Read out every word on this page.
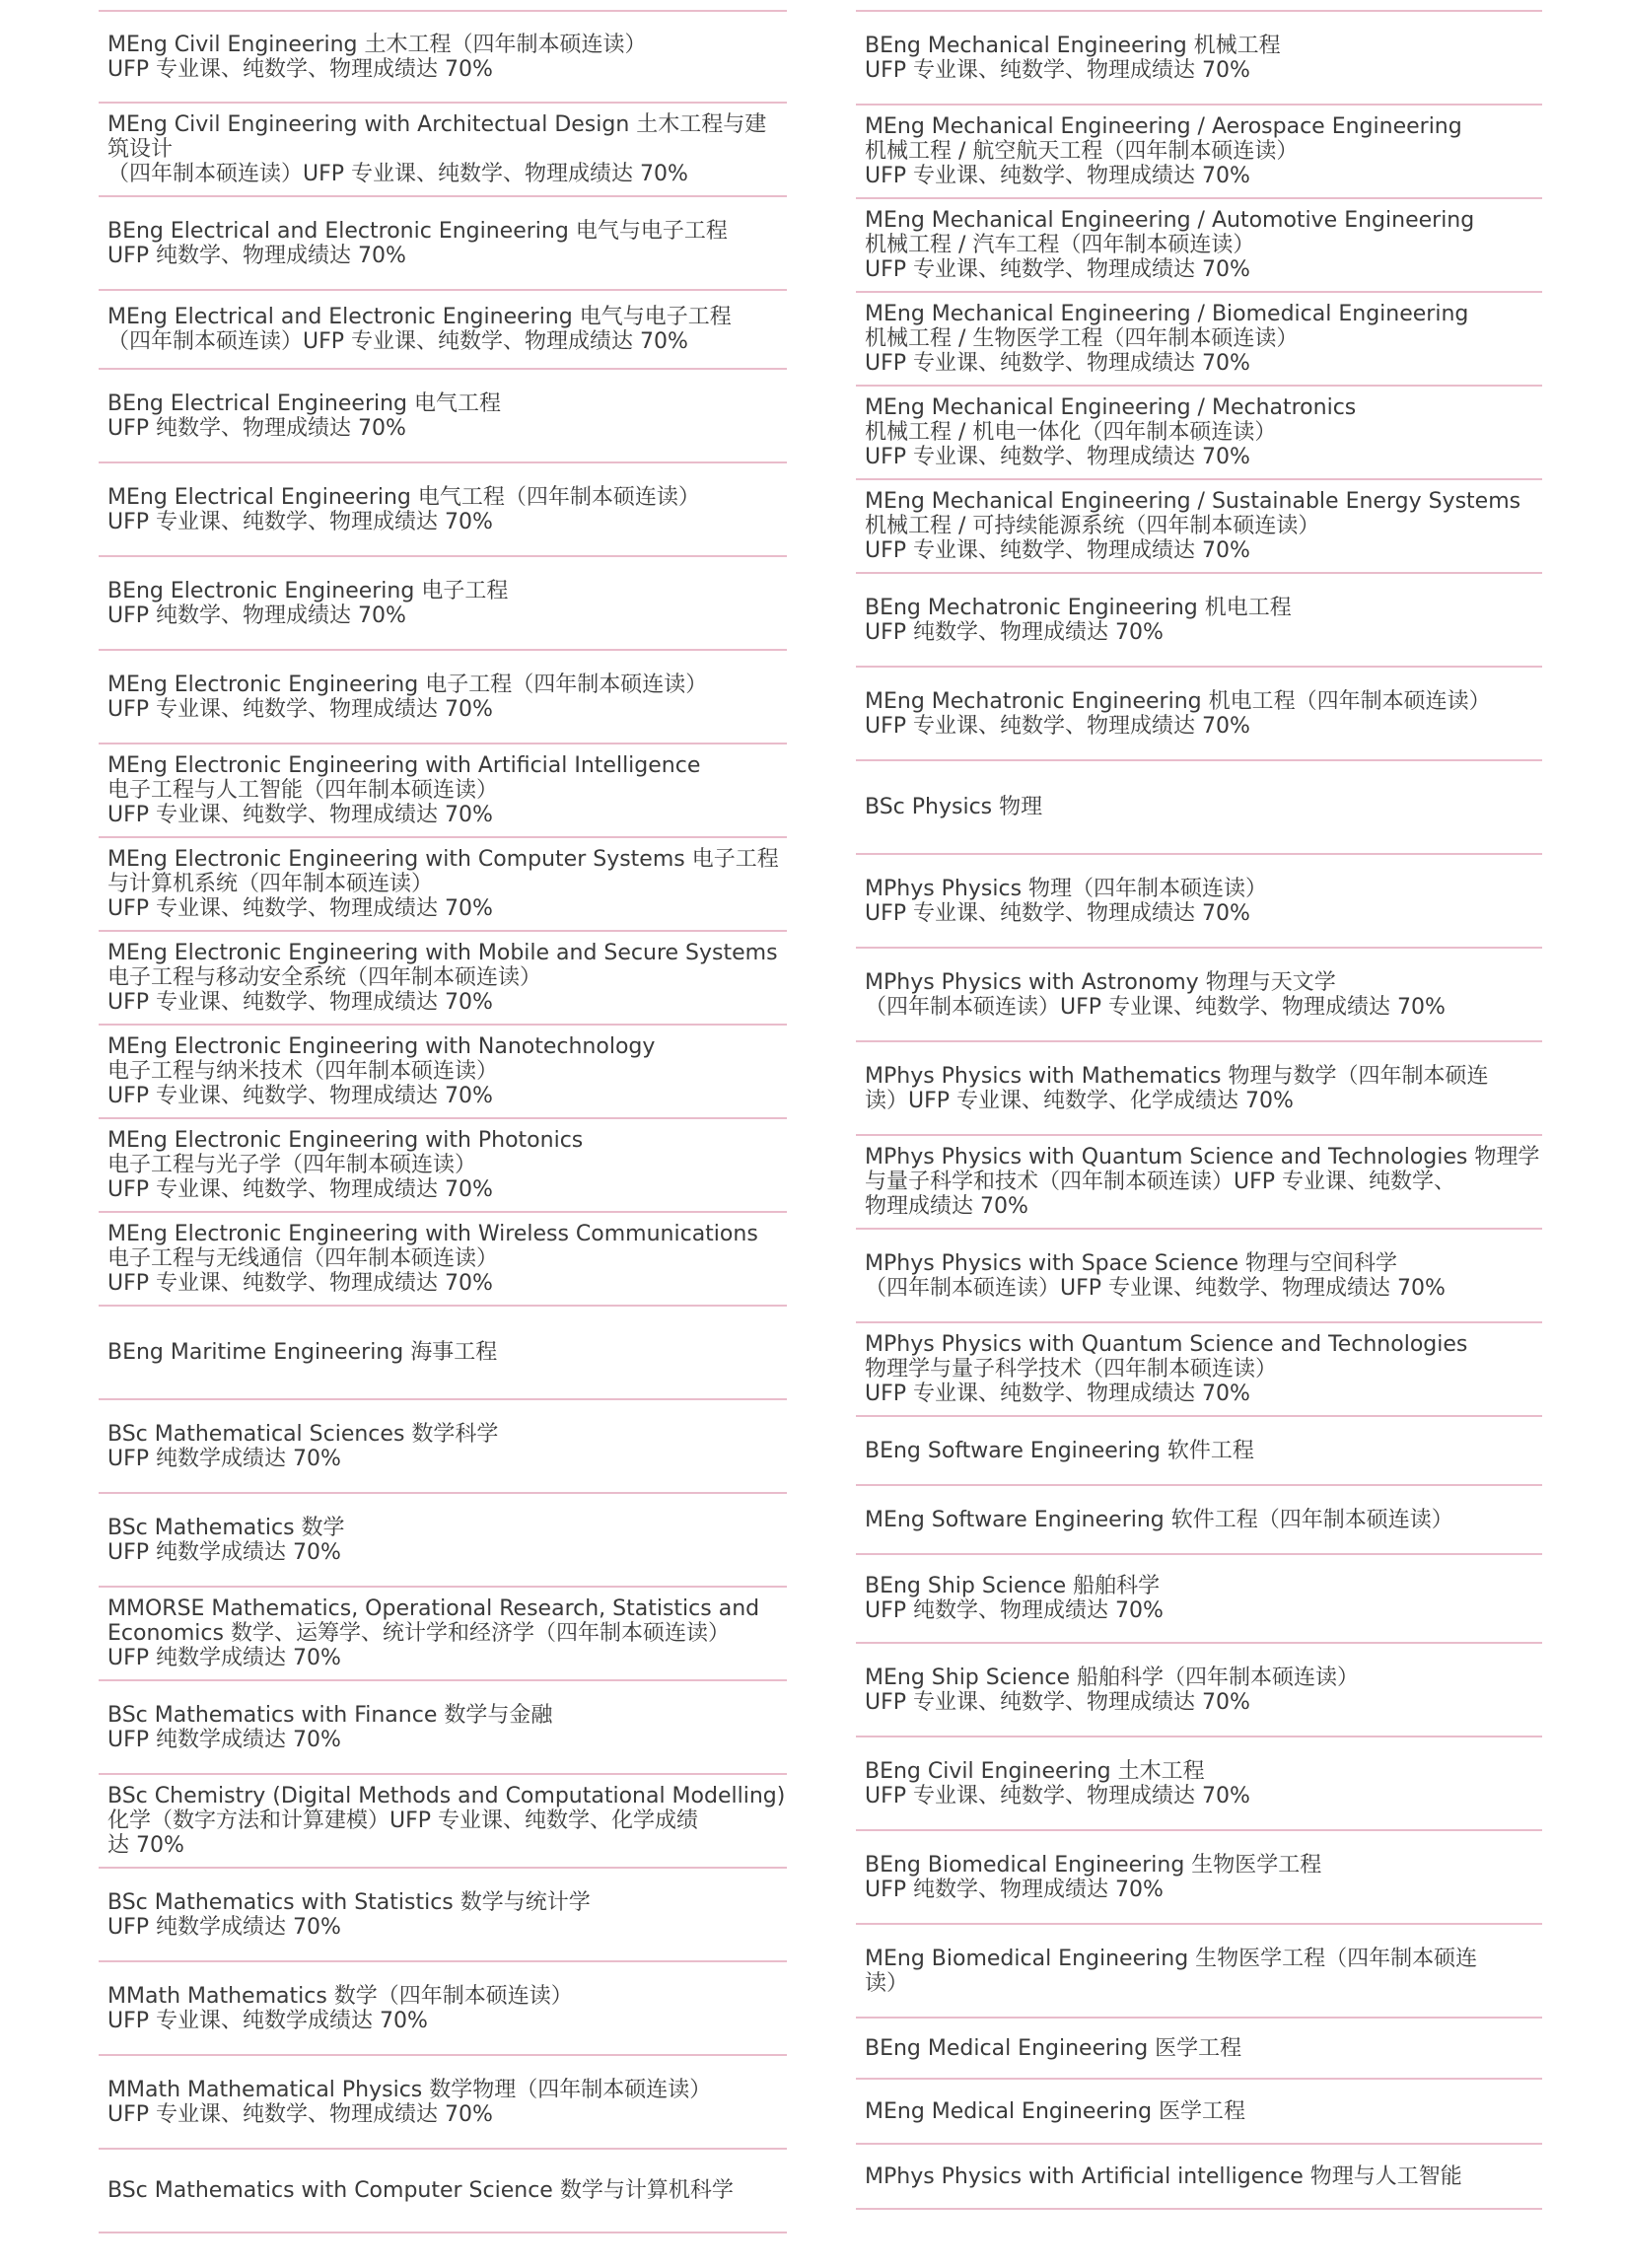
MEng Civil Engineering 土木工程（四年制本硕连读）
UFP 专业课、纯数学、物理成绩达 70%
MEng Civil Engineering with Architectual Design 土木工程与建
筑设计
（四年制本硕连读）UFP 专业课、纯数学、物理成绩达 70%
BEng Electrical and Electronic Engineering 电气与电子工程
UFP 纯数学、物理成绩达 70%
MEng Electrical and Electronic Engineering 电气与电子工程
（四年制本硕连读）UFP 专业课、纯数学、物理成绩达 70%
BEng Electrical Engineering 电气工程
UFP 纯数学、物理成绩达 70%
MEng Electrical Engineering 电气工程（四年制本硕连读）
UFP 专业课、纯数学、物理成绩达 70%
BEng Electronic Engineering 电子工程
UFP 纯数学、物理成绩达 70%
MEng Electronic Engineering 电子工程（四年制本硕连读）
UFP 专业课、纯数学、物理成绩达 70%
MEng Electronic Engineering with Artificial Intelligence
电子工程与人工智能（四年制本硕连读）
UFP 专业课、纯数学、物理成绩达 70%
MEng Electronic Engineering with Computer Systems 电子工程
与计算机系统（四年制本硕连读）
UFP 专业课、纯数学、物理成绩达 70%
MEng Electronic Engineering with Mobile and Secure Systems
电子工程与移动安全系统（四年制本硕连读）
UFP 专业课、纯数学、物理成绩达 70%
MEng Electronic Engineering with Nanotechnology
电子工程与纳米技术（四年制本硕连读）
UFP 专业课、纯数学、物理成绩达 70%
MEng Electronic Engineering with Photonics
电子工程与光子学（四年制本硕连读）
UFP 专业课、纯数学、物理成绩达 70%
MEng Electronic Engineering with Wireless Communications
电子工程与无线通信（四年制本硕连读）
UFP 专业课、纯数学、物理成绩达 70%
BEng Maritime Engineering 海事工程
BSc Mathematical Sciences 数学科学
UFP 纯数学成绩达 70%
BSc Mathematics 数学
UFP 纯数学成绩达 70%
MMORSE Mathematics, Operational Research, Statistics and
Economics 数学、运筹学、统计学和经济学（四年制本硕连读）
UFP 纯数学成绩达 70%
BSc Mathematics with Finance 数学与金融
UFP 纯数学成绩达 70%
BSc Chemistry (Digital Methods and Computational Modelling)
化学（数字方法和计算建模）UFP 专业课、纯数学、化学成绩
达 70%
BSc Mathematics with Statistics 数学与统计学
UFP 纯数学成绩达 70%
MMath Mathematics 数学（四年制本硕连读）
UFP 专业课、纯数学成绩达 70%
MMath Mathematical Physics 数学物理（四年制本硕连读）
UFP 专业课、纯数学、物理成绩达 70%
BSc Mathematics with Computer Science 数学与计算机科学
BEng Mechanical Engineering 机械工程
UFP 专业课、纯数学、物理成绩达 70%
MEng Mechanical Engineering / Aerospace Engineering
机械工程 / 航空航天工程（四年制本硕连读）
UFP 专业课、纯数学、物理成绩达 70%
MEng Mechanical Engineering / Automotive Engineering
机械工程 / 汽车工程（四年制本硕连读）
UFP 专业课、纯数学、物理成绩达 70%
MEng Mechanical Engineering / Biomedical Engineering
机械工程 / 生物医学工程（四年制本硕连读）
UFP 专业课、纯数学、物理成绩达 70%
MEng Mechanical Engineering / Mechatronics
机械工程 / 机电一体化（四年制本硕连读）
UFP 专业课、纯数学、物理成绩达 70%
MEng Mechanical Engineering / Sustainable Energy Systems
机械工程 / 可持续能源系统（四年制本硕连读）
UFP 专业课、纯数学、物理成绩达 70%
BEng Mechatronic Engineering 机电工程
UFP 纯数学、物理成绩达 70%
MEng Mechatronic Engineering 机电工程（四年制本硕连读）
UFP 专业课、纯数学、物理成绩达 70%
BSc Physics 物理
MPhys Physics 物理（四年制本硕连读）
UFP 专业课、纯数学、物理成绩达 70%
MPhys Physics with Astronomy 物理与天文学
（四年制本硕连读）UFP 专业课、纯数学、物理成绩达 70%
MPhys Physics with Mathematics 物理与数学（四年制本硕连
读）UFP 专业课、纯数学、化学成绩达 70%
MPhys Physics with Quantum Science and Technologies 物理学
与量子科学和技术（四年制本硕连读）UFP 专业课、纯数学、
物理成绩达 70%
MPhys Physics with Space Science 物理与空间科学
（四年制本硕连读）UFP 专业课、纯数学、物理成绩达 70%
MPhys Physics with Quantum Science and Technologies
物理学与量子科学技术（四年制本硕连读）
UFP 专业课、纯数学、物理成绩达 70%
BEng Software Engineering 软件工程
MEng Software Engineering 软件工程（四年制本硕连读）
BEng Ship Science 船舶科学
UFP 纯数学、物理成绩达 70%
MEng Ship Science 船舶科学（四年制本硕连读）
UFP 专业课、纯数学、物理成绩达 70%
BEng Civil Engineering 土木工程
UFP 专业课、纯数学、物理成绩达 70%
BEng Biomedical Engineering 生物医学工程
UFP 纯数学、物理成绩达 70%
MEng Biomedical Engineering 生物医学工程（四年制本硕连
读）
BEng Medical Engineering 医学工程
MEng Medical Engineering 医学工程
MPhys Physics with Artificial intelligence 物理与人工智能
